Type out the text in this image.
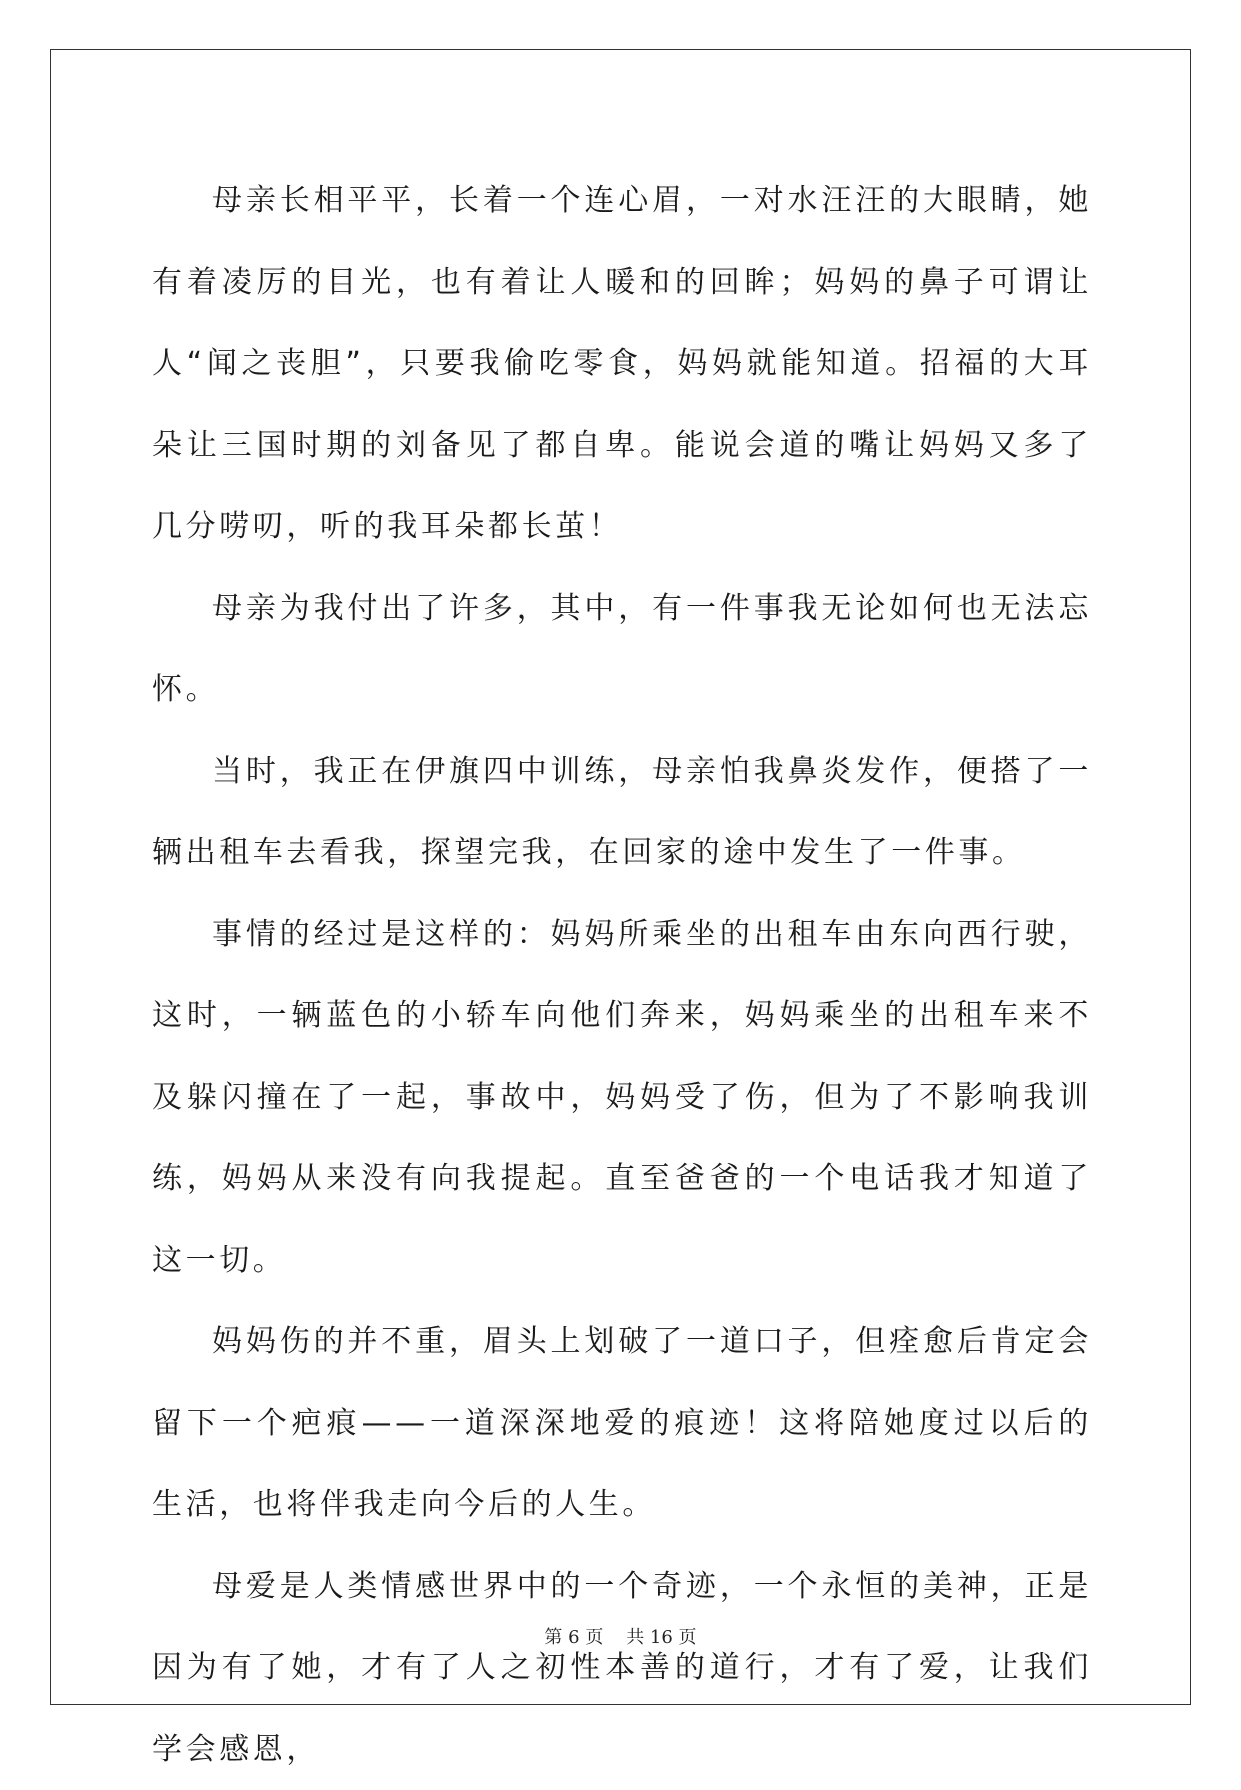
母亲长相平平，长着一个连心眉，一对水汪汪的大眼睛，她有着凌厉的目光，也有着让人暖和的回眸；妈妈的鼻子可谓让人“闻之丧胆”，只要我偷吃零食，妈妈就能知道。招福的大耳朵让三国时期的刘备见了都自卑。能说会道的嘴让妈妈又多了几分唠叨，听的我耳朵都长茧！

母亲为我付出了许多，其中，有一件事我无论如何也无法忘怀。

当时，我正在伊旗四中训练，母亲怕我鼻炎发作，便搭了一辆出租车去看我，探望完我，在回家的途中发生了一件事。

事情的经过是这样的：妈妈所乘坐的出租车由东向西行驶，这时，一辆蓝色的小轿车向他们奔来，妈妈乘坐的出租车来不及躲闪撞在了一起，事故中，妈妈受了伤，但为了不影响我训练，妈妈从来没有向我提起。直至爸爸的一个电话我才知道了这一切。

妈妈伤的并不重，眉头上划破了一道口子，但痊愈后肯定会留下一个疤痕——一道深深地爱的痕迹！这将陪她度过以后的生活，也将伴我走向今后的人生。

母爱是人类情感世界中的一个奇迹，一个永恒的美神，正是因为有了她，才有了人之初性本善的道行，才有了爱，让我们学会感恩，

第 6 页    共 16 页
